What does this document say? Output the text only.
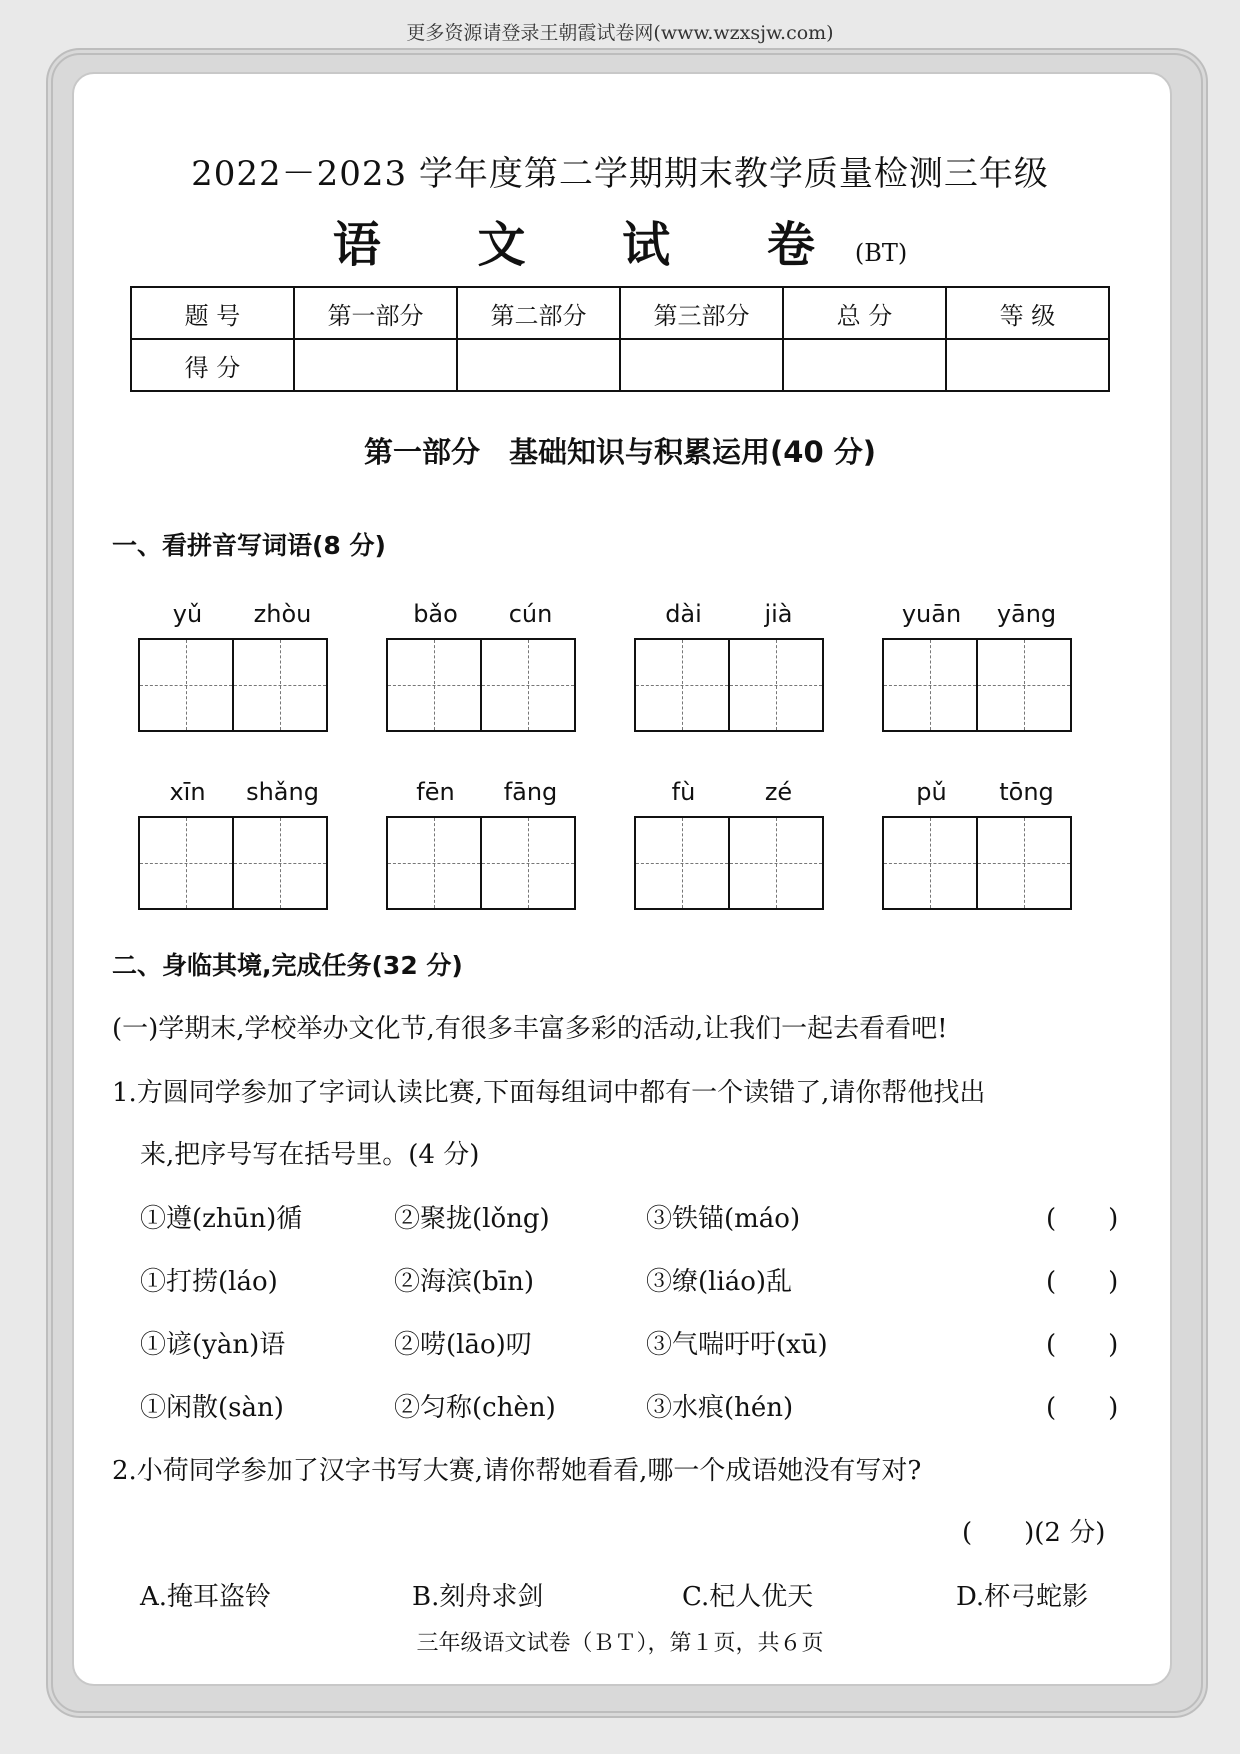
更多资源请登录王朝霞试卷网(www.wzxsjw.com)
2022－2023 学年度第二学期期末教学质量检测三年级
语 文 试 卷(BT)
题 号	第一部分	第二部分	第三部分	总 分	等 级
得 分					
第一部分　基础知识与积累运用(40 分)
一、看拼音写词语(8 分)
yǔ	zhòu	bǎo	cún	dài	jià	yuān	yāng
xīn	shǎng	fēn	fāng	fù	zé	pǔ	tōng
二、身临其境,完成任务(32 分)
(一)学期末,学校举办文化节,有很多丰富多彩的活动,让我们一起去看看吧!
1.方圆同学参加了字词认读比赛,下面每组词中都有一个读错了,请你帮他找出
来,把序号写在括号里。(4 分)
①遵(zhūn)循	②聚拢(lǒng)	③铁锚(máo)	(　　)
①打捞(láo)	②海滨(bīn)	③缭(liáo)乱	(　　)
①谚(yàn)语	②唠(lāo)叨	③气喘吁吁(xū)	(　　)
①闲散(sàn)	②匀称(chèn)	③水痕(hén)	(　　)
2.小荷同学参加了汉字书写大赛,请你帮她看看,哪一个成语她没有写对?
(　　)(2 分)
A.掩耳盗铃	B.刻舟求剑	C.杞人优天	D.杯弓蛇影
三年级语文试卷（ＢＴ），第１页，共６页
